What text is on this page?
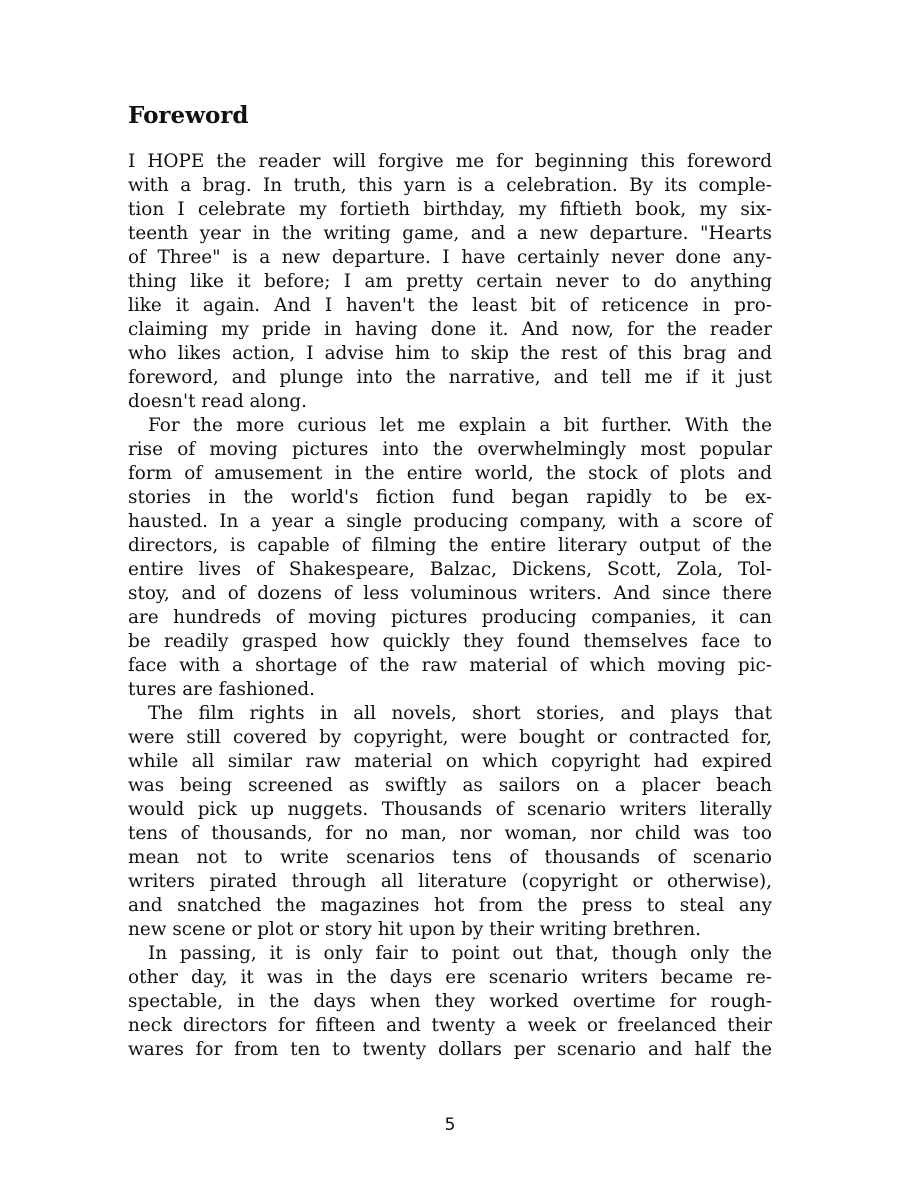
Foreword
I HOPE the reader will forgive me for beginning this foreword
with a brag. In truth, this yarn is a celebration. By its comple-
tion I celebrate my fortieth birthday, my fiftieth book, my six-
teenth year in the writing game, and a new departure. "Hearts
of Three" is a new departure. I have certainly never done any-
thing like it before; I am pretty certain never to do anything
like it again. And I haven't the least bit of reticence in pro-
claiming my pride in having done it. And now, for the reader
who likes action, I advise him to skip the rest of this brag and
foreword, and plunge into the narrative, and tell me if it just
doesn't read along.
For the more curious let me explain a bit further. With the
rise of moving pictures into the overwhelmingly most popular
form of amusement in the entire world, the stock of plots and
stories in the world's fiction fund began rapidly to be ex-
hausted. In a year a single producing company, with a score of
directors, is capable of filming the entire literary output of the
entire lives of Shakespeare, Balzac, Dickens, Scott, Zola, Tol-
stoy, and of dozens of less voluminous writers. And since there
are hundreds of moving pictures producing companies, it can
be readily grasped how quickly they found themselves face to
face with a shortage of the raw material of which moving pic-
tures are fashioned.
The film rights in all novels, short stories, and plays that
were still covered by copyright, were bought or contracted for,
while all similar raw material on which copyright had expired
was being screened as swiftly as sailors on a placer beach
would pick up nuggets. Thousands of scenario writers literally
tens of thousands, for no man, nor woman, nor child was too
mean not to write scenarios tens of thousands of scenario
writers pirated through all literature (copyright or otherwise),
and snatched the magazines hot from the press to steal any
new scene or plot or story hit upon by their writing brethren.
In passing, it is only fair to point out that, though only the
other day, it was in the days ere scenario writers became re-
spectable, in the days when they worked overtime for rough-
neck directors for fifteen and twenty a week or freelanced their
wares for from ten to twenty dollars per scenario and half the
5
